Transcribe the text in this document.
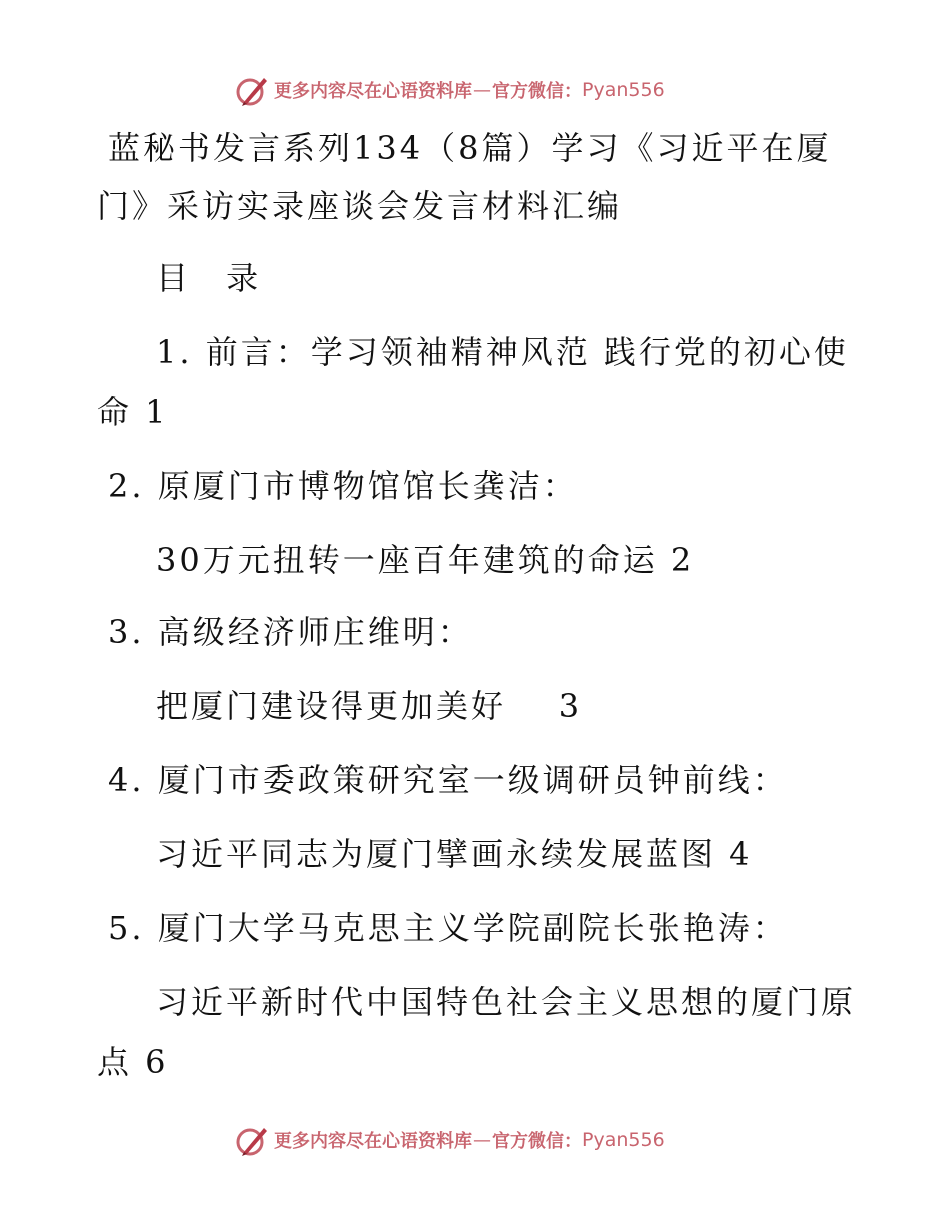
更多内容尽在心语资料库 — 官方微信： Pyan556
蓝秘书发言系列134（8篇）学习《习近平在厦
门》采访实录座谈会发言材料汇编
目 录
1. 前言：学习领袖精神风范 践行党的初心使
命 1
2. 原厦门市博物馆馆长龚洁：
30万元扭转一座百年建筑的命运 2
3. 高级经济师庄维明：
把厦门建设得更加美好    3
4. 厦门市委政策研究室一级调研员钟前线：
习近平同志为厦门擘画永续发展蓝图 4
5. 厦门大学马克思主义学院副院长张艳涛：
习近平新时代中国特色社会主义思想的厦门原
点 6
更多内容尽在心语资料库 — 官方微信： Pyan556
